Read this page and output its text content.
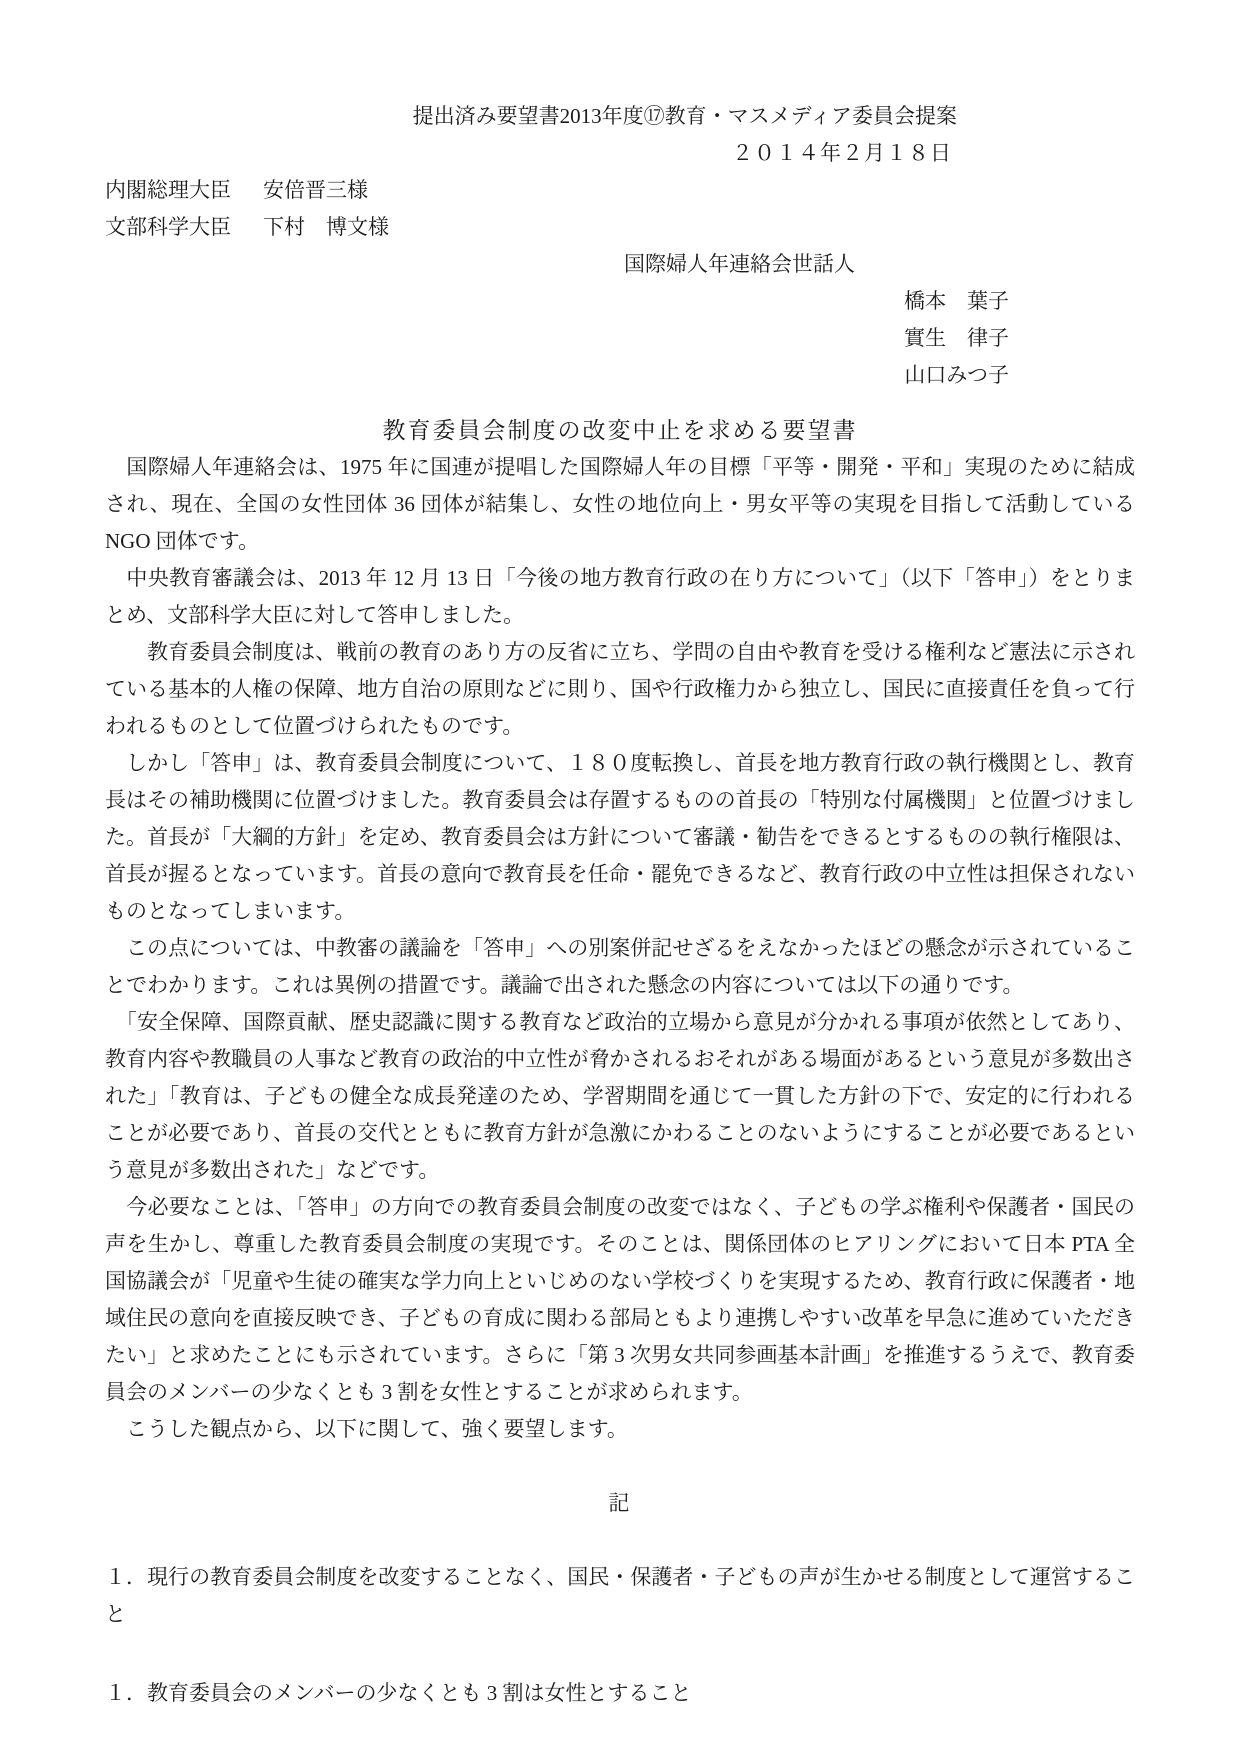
提出済み要望書2013年度⑰教育・マスメディア委員会提案
２０１４年２月１８日
内閣総理大臣 安倍晋三様
文部科学大臣 下村　博文様
国際婦人年連絡会世話人
橋本　葉子
實生　律子
山口みつ子
教育委員会制度の改変中止を求める要望書

　国際婦人年連絡会は、1975 年に国連が提唱した国際婦人年の目標「平等・開発・平和」実現のために結成され、現在、全国の女性団体 36 団体が結集し、女性の地位向上・男女平等の実現を目指して活動している NGO 団体です。

　中央教育審議会は、2013 年 12 月 13 日「今後の地方教育行政の在り方について」（以下「答申」）をとりまとめ、文部科学大臣に対して答申しました。

　　教育委員会制度は、戦前の教育のあり方の反省に立ち、学問の自由や教育を受ける権利など憲法に示されている基本的人権の保障、地方自治の原則などに則り、国や行政権力から独立し、国民に直接責任を負って行われるものとして位置づけられたものです。

　しかし「答申」は、教育委員会制度について、１８０度転換し、首長を地方教育行政の執行機関とし、教育長はその補助機関に位置づけました。教育委員会は存置するものの首長の「特別な付属機関」と位置づけました。首長が「大綱的方針」を定め、教育委員会は方針について審議・勧告をできるとするものの執行権限は、首長が握るとなっています。首長の意向で教育長を任命・罷免できるなど、教育行政の中立性は担保されないものとなってしまいます。

　この点については、中教審の議論を「答申」への別案併記せざるをえなかったほどの懸念が示されていることでわかります。これは異例の措置です。議論で出された懸念の内容については以下の通りです。

　「安全保障、国際貢献、歴史認識に関する教育など政治的立場から意見が分かれる事項が依然としてあり、教育内容や教職員の人事など教育の政治的中立性が脅かされるおそれがある場面があるという意見が多数出された」「教育は、子どもの健全な成長発達のため、学習期間を通じて一貫した方針の下で、安定的に行われることが必要であり、首長の交代とともに教育方針が急激にかわることのないようにすることが必要であるという意見が多数出された」などです。

　今必要なことは、「答申」の方向での教育委員会制度の改変ではなく、子どもの学ぶ権利や保護者・国民の声を生かし、尊重した教育委員会制度の実現です。そのことは、関係団体のヒアリングにおいて日本 PTA 全国協議会が「児童や生徒の確実な学力向上といじめのない学校づくりを実現するため、教育行政に保護者・地域住民の意向を直接反映でき、子どもの育成に関わる部局ともより連携しやすい改革を早急に進めていただきたい」と求めたことにも示されています。さらに「第 3 次男女共同参画基本計画」を推進するうえで、教育委員会のメンバーの少なくとも 3 割を女性とすることが求められます。

　こうした観点から、以下に関して、強く要望します。

記

１．現行の教育委員会制度を改変することなく、国民・保護者・子どもの声が生かせる制度として運営すること

１．教育委員会のメンバーの少なくとも 3 割は女性とすること
